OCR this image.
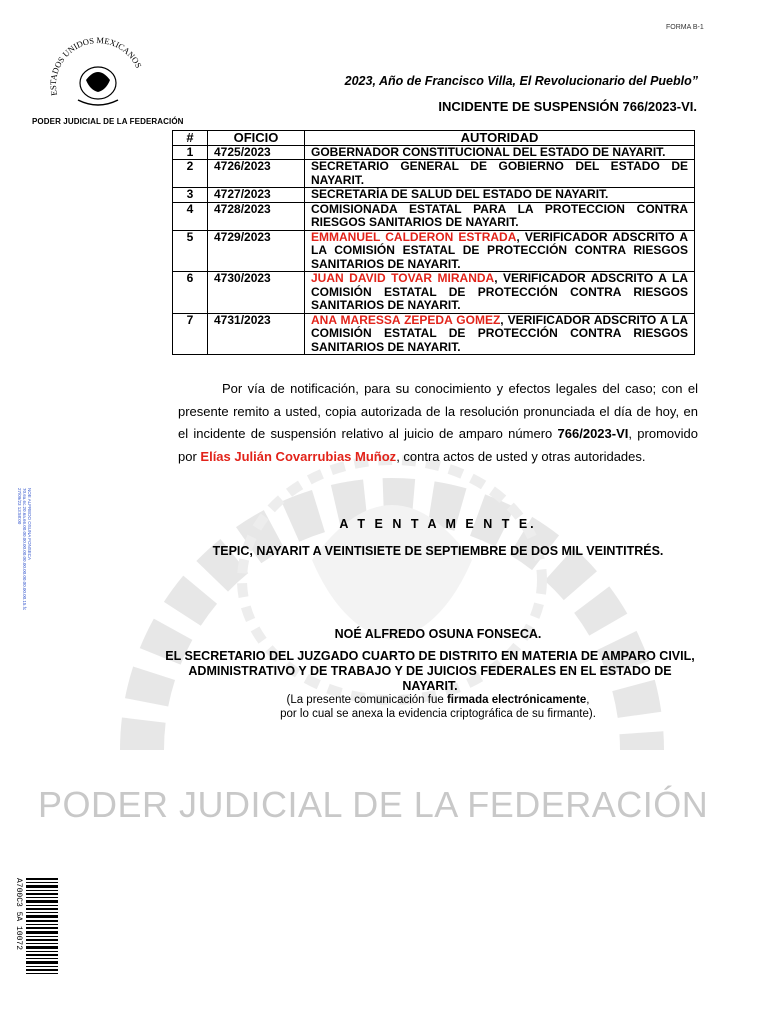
FORMA B-1
ESTADOS UNIDOS MEXICANOS
PODER JUDICIAL DE LA FEDERACIÓN
2023, Año de Francisco Villa, El Revolucionario del Pueblo”
INCIDENTE DE SUSPENSIÓN 766/2023-VI.
#	OFICIO	AUTORIDAD
1	4725/2023	GOBERNADOR CONSTITUCIONAL DEL ESTADO DE NAYARIT.
2	4726/2023	SECRETARIO GENERAL DE GOBIERNO DEL ESTADO DE NAYARIT.
3	4727/2023	SECRETARÍA DE SALUD DEL ESTADO DE NAYARIT.
4	4728/2023	COMISIONADA ESTATAL PARA LA PROTECCION CONTRA RIESGOS SANITARIOS DE NAYARIT.
5	4729/2023	EMMANUEL CALDERON ESTRADA, VERIFICADOR ADSCRITO A LA COMISIÓN ESTATAL DE PROTECCIÓN CONTRA RIESGOS SANITARIOS DE NAYARIT.
6	4730/2023	JUAN DAVID TOVAR MIRANDA, VERIFICADOR ADSCRITO A LA COMISIÓN ESTATAL DE PROTECCIÓN CONTRA RIESGOS SANITARIOS DE NAYARIT.
7	4731/2023	ANA MARESSA ZEPEDA GOMEZ, VERIFICADOR ADSCRITO A LA COMISIÓN ESTATAL DE PROTECCIÓN CONTRA RIESGOS SANITARIOS DE NAYARIT.
Por vía de notificación, para su conocimiento y efectos legales del caso; con el presente remito a usted, copia autorizada de la resolución pronunciada el día de hoy, en el incidente de suspensión relativo al juicio de amparo número 766/2023-VI, promovido por Elías Julián Covarrubias Muñoz, contra actos de usted y otras autoridades.
A T E N T A M E N T E.
TEPIC, NAYARIT A VEINTISIETE DE SEPTIEMBRE DE DOS MIL VEINTITRÉS.
NOÉ ALFREDO OSUNA FONSECA.
EL SECRETARIO DEL JUZGADO CUARTO DE DISTRITO EN MATERIA DE AMPARO CIVIL, ADMINISTRATIVO Y DE TRABAJO Y DE JUICIOS FEDERALES EN EL ESTADO DE NAYARIT.
(La presente comunicación fue firmada electrónicamente,
por lo cual se anexa la evidencia criptográfica de su firmante).
PODER JUDICIAL DE LA FEDERACIÓN
NOE ALFREDO OSUNA FONSECA
70.6a.6c.20.6a.66.00.00.00.00.00.00.00.00.00.00.00.00.15.fc
27/09/23 13:58:00
A700C3 5A 10072
